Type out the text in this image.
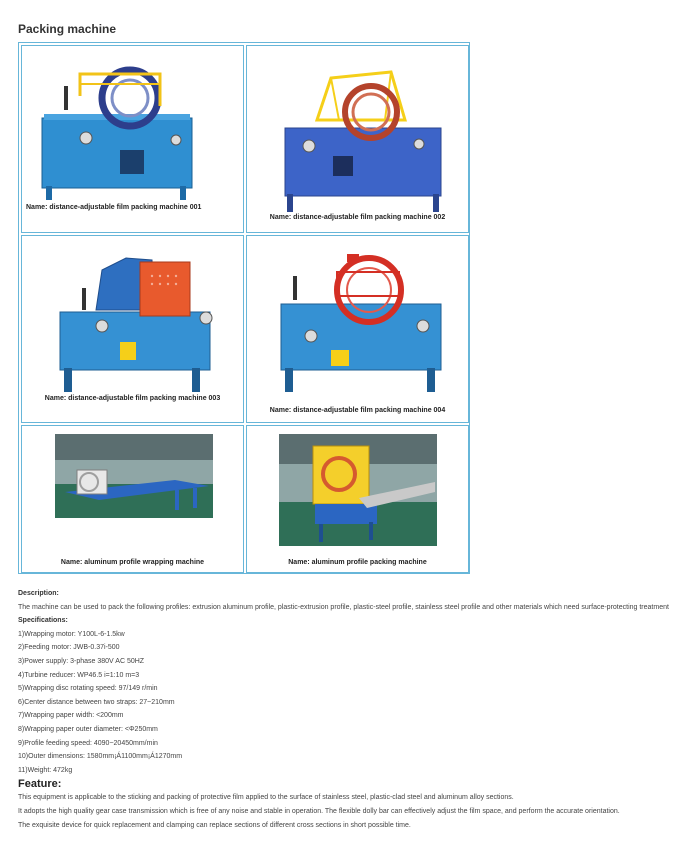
Packing machine
Name: distance-adjustable film packing machine 001
Name: distance-adjustable film packing machine 002
Name: distance-adjustable film packing machine 003
Name: distance-adjustable film packing machine 004
Name: aluminum profile wrapping machine	Name: aluminum profile packing machine
Description:
The machine can be used to pack the following profiles: extrusion aluminum profile, plastic-extrusion profile, plastic-steel profile, stainless steel profile and other materials which need surface-protecting treatment
Specifications:
1)Wrapping motor: Y100L-6-1.5kw
2)Feeding motor: JWB-0.37i-500
3)Power supply: 3-phase 380V AC 50HZ
4)Turbine reducer: WP46.5 i=1:10 m=3
5)Wrapping disc rotating speed: 97/149 r/min
6)Center distance between two straps: 27~210mm
7)Wrapping paper width: <200mm
8)Wrapping paper outer diameter: <Φ250mm
9)Profile feeding speed: 4090~20450mm/min
10)Outer dimensions: 1580mm¡Á1100mm¡Á1270mm
11)Weight: 472kg
Feature:
This equipment is applicable to the sticking and packing of protective film applied to the surface of stainless steel, plastic-clad steel and aluminum alloy sections.
It adopts the high quality gear case transmission which is free of any noise and stable in operation. The flexible dolly bar can effectively adjust the film space, and perform the accurate orientation.
The exquisite device for quick replacement and clamping can replace sections of different cross sections in short possible time.
